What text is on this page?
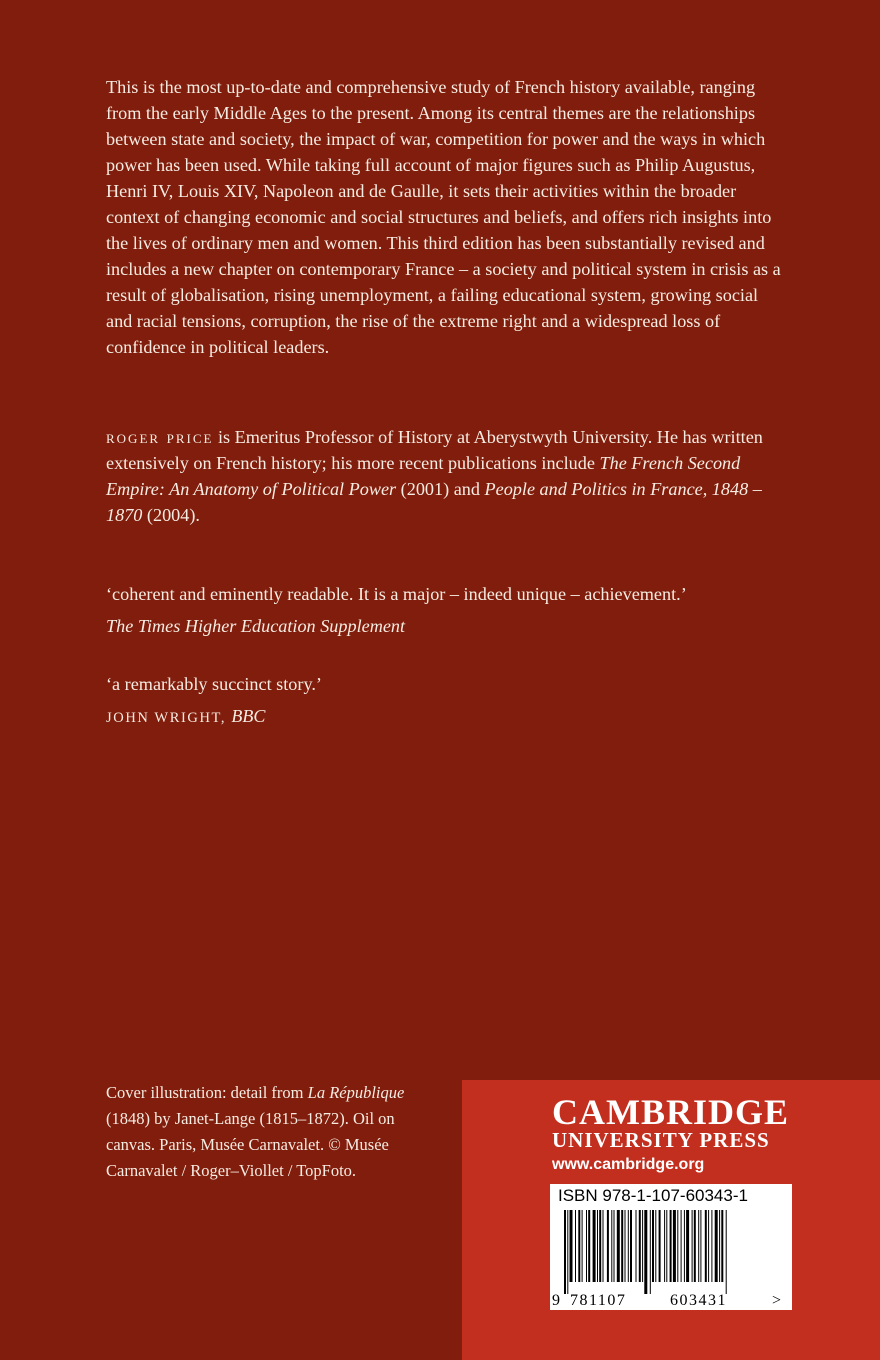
This is the most up-to-date and comprehensive study of French history available, ranging from the early Middle Ages to the present. Among its central themes are the relationships between state and society, the impact of war, competition for power and the ways in which power has been used. While taking full account of major figures such as Philip Augustus, Henri IV, Louis XIV, Napoleon and de Gaulle, it sets their activities within the broader context of changing economic and social structures and beliefs, and offers rich insights into the lives of ordinary men and women. This third edition has been substantially revised and includes a new chapter on contemporary France – a society and political system in crisis as a result of globalisation, rising unemployment, a failing educational system, growing social and racial tensions, corruption, the rise of the extreme right and a widespread loss of confidence in political leaders.

roger price is Emeritus Professor of History at Aberystwyth University. He has written extensively on French history; his more recent publications include The French Second Empire: An Anatomy of Political Power (2001) and People and Politics in France, 1848 –1870 (2004).

‘coherent and eminently readable. It is a major – indeed unique – achievement.’
The Times Higher Education Supplement
‘a remarkably succinct story.’
JOHN WRIGHT, BBC

Cover illustration: detail from La République (1848) by Janet-Lange (1815–1872). Oil on canvas. Paris, Musée Carnavalet. © Musée Carnavalet / Roger–Viollet / TopFoto.

CAMBRIDGE
UNIVERSITY PRESS
www.cambridge.org
ISBN 978-1-107-60343-1
9 781107	603431	>
